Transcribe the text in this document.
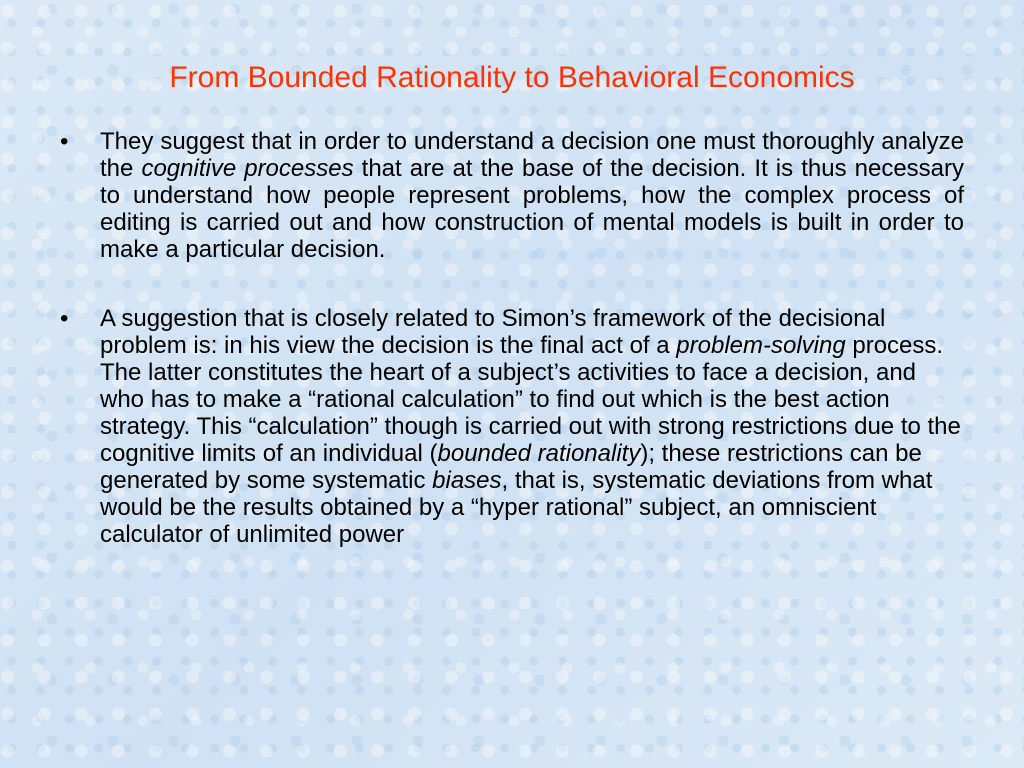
From Bounded Rationality to Behavioral Economics
• They suggest that in order to understand a decision one must thoroughly analyze the cognitive processes that are at the base of the decision. It is thus necessary to understand how people represent problems, how the complex process of editing is carried out and how construction of mental models is built in order to make a particular decision.
• A suggestion that is closely related to Simon’s framework of the decisional problem is: in his view the decision is the final act of a problem-solving process. The latter constitutes the heart of a subject’s activities to face a decision, and who has to make a “rational calculation” to find out which is the best action strategy. This “calculation” though is carried out with strong restrictions due to the cognitive limits of an individual (bounded rationality); these restrictions can be generated by some systematic biases, that is, systematic deviations from what would be the results obtained by a “hyper rational” subject, an omniscient calculator of unlimited power
